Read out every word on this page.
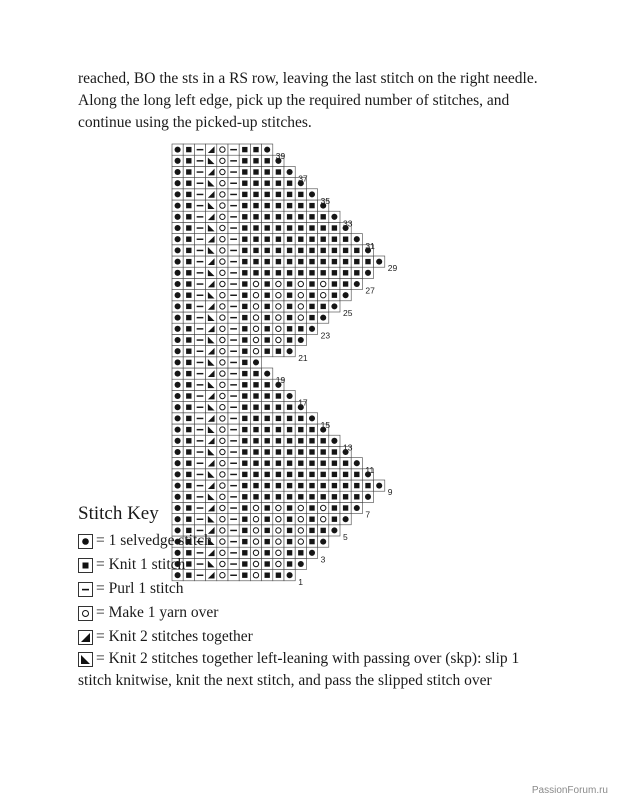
reached, BO the sts in a RS row, leaving the last stitch on the right needle.
Along the long left edge, pick up the required number of stitches, and
continue using the picked-up stitches.
1
3
5
7
9
11
13
15
17
19
21
23
25
27
29
31
33
35
37
39
Stitch Key
= 1 selvedge stitch
= Knit 1 stitch
= Purl 1 stitch
= Make 1 yarn over
= Knit 2 stitches together
= Knit 2 stitches together left-leaning with passing over (skp): slip 1
stitch knitwise, knit the next stitch, and pass the slipped stitch over
PassionForum.ru
